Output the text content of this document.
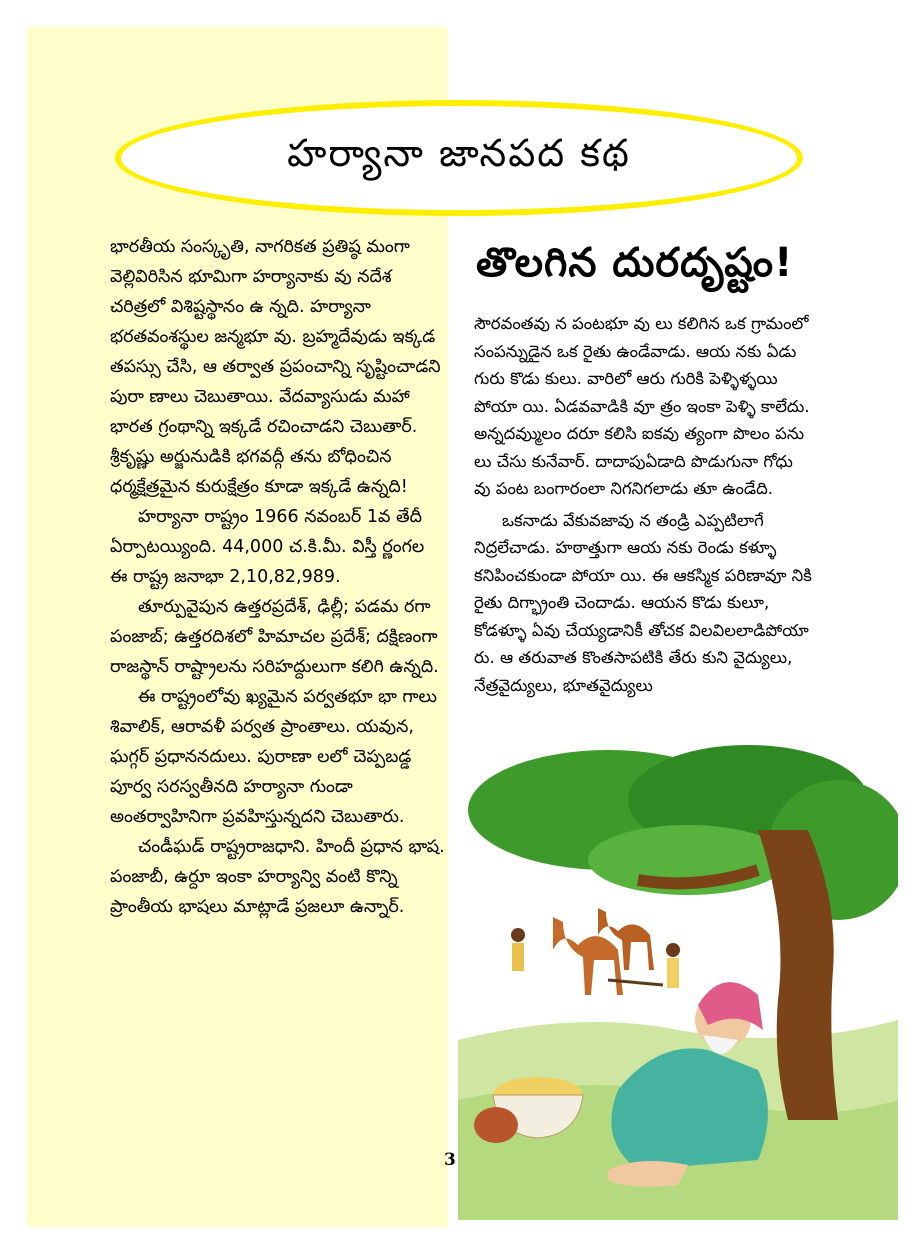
హర్యానా జానపద కథ

భారతీయ సంస్కృతి, నాగరికత ప్రతిష్ఠ మంగా వెల్లివిరిసిన భూమిగా హర్యానాకు వు నదేశ చరిత్రలో విశిష్టస్థానం ఉ న్నది. హర్యానా భరతవంశస్థుల జన్మభూ వు. బ్రహ్మదేవుడు ఇక్కడ తపస్సు చేసి, ఆ తర్వాత ప్రపంచాన్ని సృష్టించాడని పురా ణాలు చెబుతాయి. వేదవ్యాసుడు మహా భారత గ్రంథాన్ని ఇక్కడే రచించాడని చెబుతార్. శ్రీకృష్ణు అర్జునుడికి భగవద్గీ తను బోధించిన ధర్మక్షేత్రమైన కురుక్షేత్రం కూడా ఇక్కడే ఉన్నది!

హర్యానా రాష్ట్రం 1966 నవంబర్ 1వ తేదీ ఏర్పాటయ్యింది. 44,000 చ.కి.మీ. విస్తీ ర్ణంగల ఈ రాష్ట్ర జనాభా 2,10,82,989.

తూర్పువైపున ఉత్తరప్రదేశ్, ఢిల్లీ; పడమ రగా పంజాబ్; ఉత్తరదిశలో హిమాచల ప్రదేశ్; దక్షిణంగా రాజస్థాన్ రాష్ట్రాలను సరిహద్దులుగా కలిగి ఉన్నది.

ఈ రాష్ట్రంలోవు ఖ్యమైన పర్వతభూ భా గాలు శివాలిక్, ఆరావళీ పర్వత ప్రాంతాలు. యవున, ఘగ్గర్ ప్రధాననదులు. పురాణా లలో చెప్పబడ్డ పూర్వ సరస్వతీనది హర్యానా గుండా అంతర్వాహినిగా ప్రవహిస్తున్నదని చెబుతారు.

చండీఘడ్ రాష్ట్రరాజధాని. హిందీ ప్రధాన భాష. పంజాబీ, ఉర్దూ ఇంకా హర్యాన్వి వంటి కొన్ని ప్రాంతీయ భాషలు మాట్లాడే ప్రజలూ ఉన్నార్.

తొలగిన దురదృష్టం!

సౌరవంతవు న పంటభూ వు లు కలిగిన ఒక గ్రామంలో సంపన్నుడైన ఒక రైతు ఉండేవాడు. ఆయ నకు ఏడు గురు కొడు కులు. వారిలో ఆరు గురికి పెళ్ళిళ్ళయి పోయా యి. ఏడవవాడికి వూ త్రం ఇంకా పెళ్ళి కాలేదు. అన్నదవ్ముులం దరూ కలిసి ఐకవు త్యంగా పొలం పను లు చేసు కునేవార్. దాదాపుఏడాది పొడుగునా గోధు వు పంట బంగారంలా నిగనిగలాడు తూ ఉండేది.

ఒకనాడు వేకువజావు న తండ్రి ఎప్పటిలాగే నిద్రలేచాడు. హఠాత్తుగా ఆయ నకు రెండు కళ్ళూ కనిపించకుండా పోయా యి. ఈ ఆకస్మిక పరిణావూ నికి రైతు దిగ్భ్రాంతి చెందాడు. ఆయన కొడు కులూ, కోడళ్ళూ ఏవు చేయ్యడానికీ తోచక విలవిలలాడిపోయా రు. ఆ తరువాత కొంతసాపటికి తేరు కుని వైద్యులు, నేత్రవైద్యులు, భూతవైద్యులు

3
